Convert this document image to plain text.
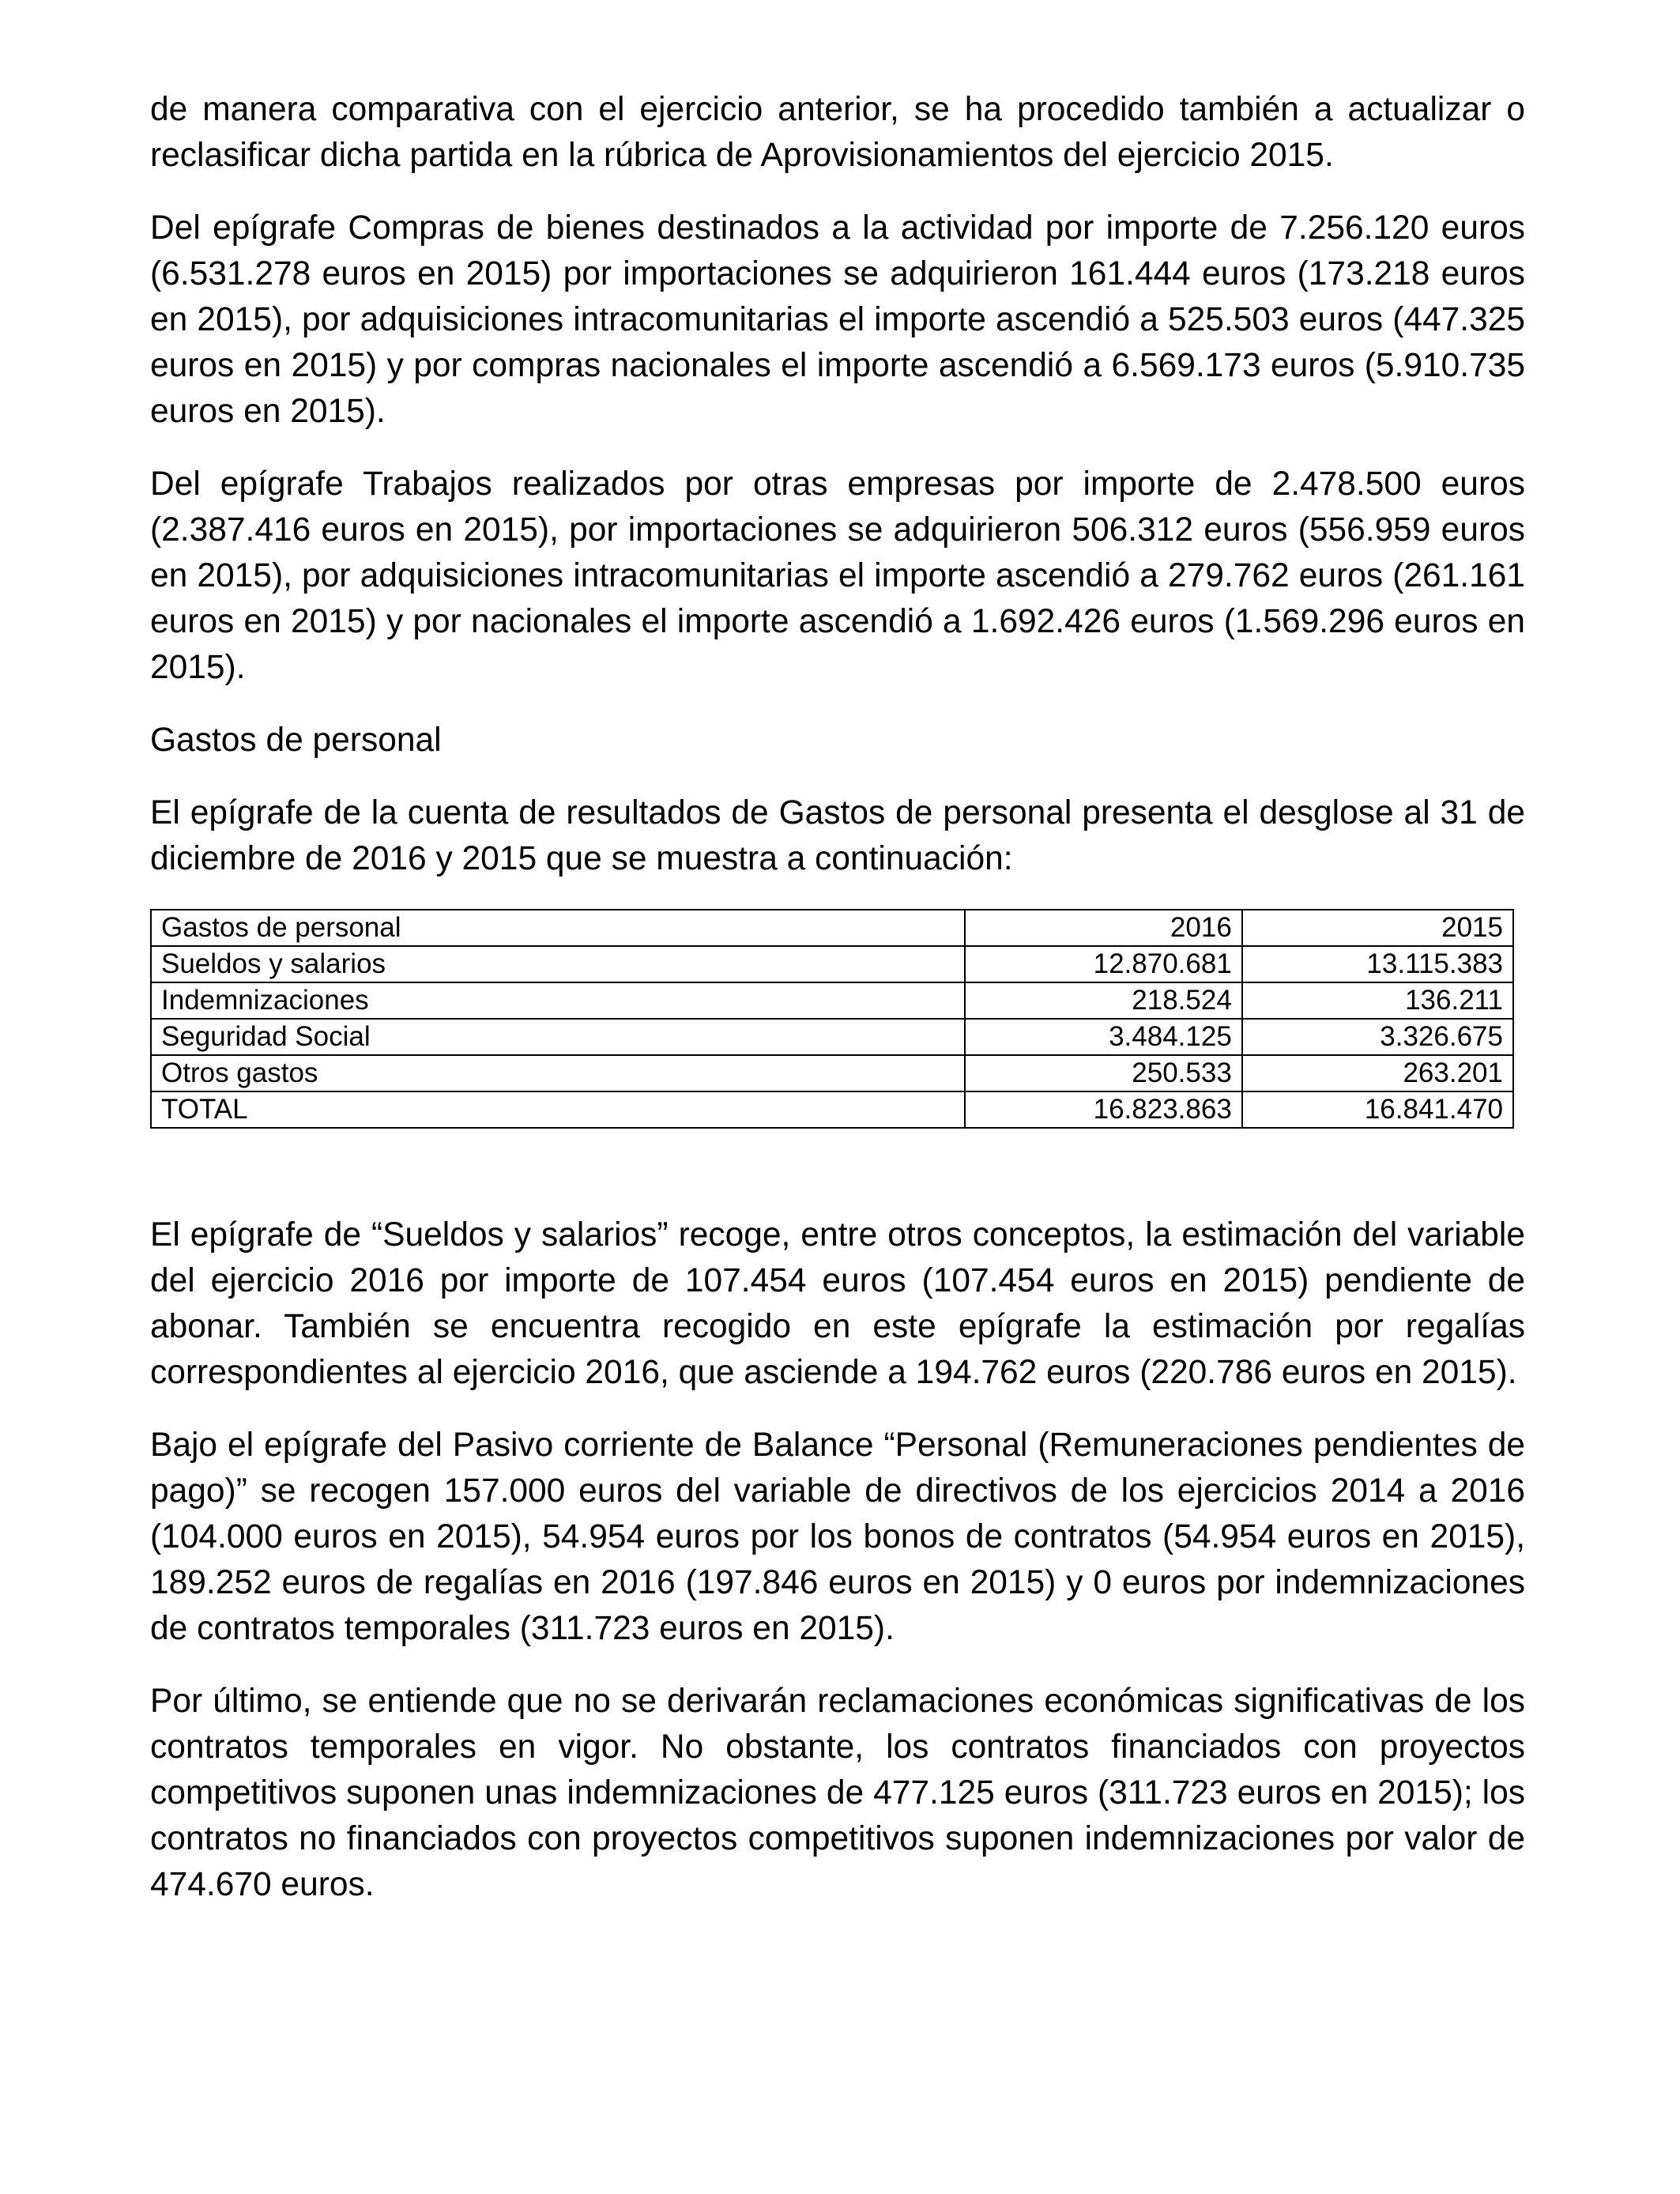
de manera comparativa con el ejercicio anterior, se ha procedido también a actualizar o reclasificar dicha partida en la rúbrica de Aprovisionamientos del ejercicio 2015.

Del epígrafe Compras de bienes destinados a la actividad por importe de 7.256.120 euros (6.531.278 euros en 2015) por importaciones se adquirieron 161.444 euros (173.218 euros en 2015), por adquisiciones intracomunitarias el importe ascendió a 525.503 euros (447.325 euros en 2015) y por compras nacionales el importe ascendió a 6.569.173 euros (5.910.735 euros en 2015).

Del epígrafe Trabajos realizados por otras empresas por importe de 2.478.500 euros (2.387.416 euros en 2015), por importaciones se adquirieron 506.312 euros (556.959 euros en 2015), por adquisiciones intracomunitarias el importe ascendió a 279.762 euros (261.161 euros en 2015) y por nacionales el importe ascendió a 1.692.426 euros (1.569.296 euros en 2015).

Gastos de personal

El epígrafe de la cuenta de resultados de Gastos de personal presenta el desglose al 31 de diciembre de 2016 y 2015 que se muestra a continuación:

Gastos de personal	2016	2015
Sueldos y salarios	12.870.681	13.115.383
Indemnizaciones	218.524	136.211
Seguridad Social	3.484.125	3.326.675
Otros gastos	250.533	263.201
TOTAL	16.823.863	16.841.470

El epígrafe de “Sueldos y salarios” recoge, entre otros conceptos, la estimación del variable del ejercicio 2016 por importe de 107.454 euros (107.454 euros en 2015) pendiente de abonar. También se encuentra recogido en este epígrafe la estimación por regalías correspondientes al ejercicio 2016, que asciende a 194.762 euros (220.786 euros en 2015).

Bajo el epígrafe del Pasivo corriente de Balance “Personal (Remuneraciones pendientes de pago)” se recogen 157.000 euros del variable de directivos de los ejercicios 2014 a 2016 (104.000 euros en 2015), 54.954 euros por los bonos de contratos (54.954 euros en 2015), 189.252 euros de regalías en 2016 (197.846 euros en 2015) y 0 euros por indemnizaciones de contratos temporales (311.723 euros en 2015).

Por último, se entiende que no se derivarán reclamaciones económicas significativas de los contratos temporales en vigor. No obstante, los contratos financiados con proyectos competitivos suponen unas indemnizaciones de 477.125 euros (311.723 euros en 2015); los contratos no financiados con proyectos competitivos suponen indemnizaciones por valor de 474.670 euros.
